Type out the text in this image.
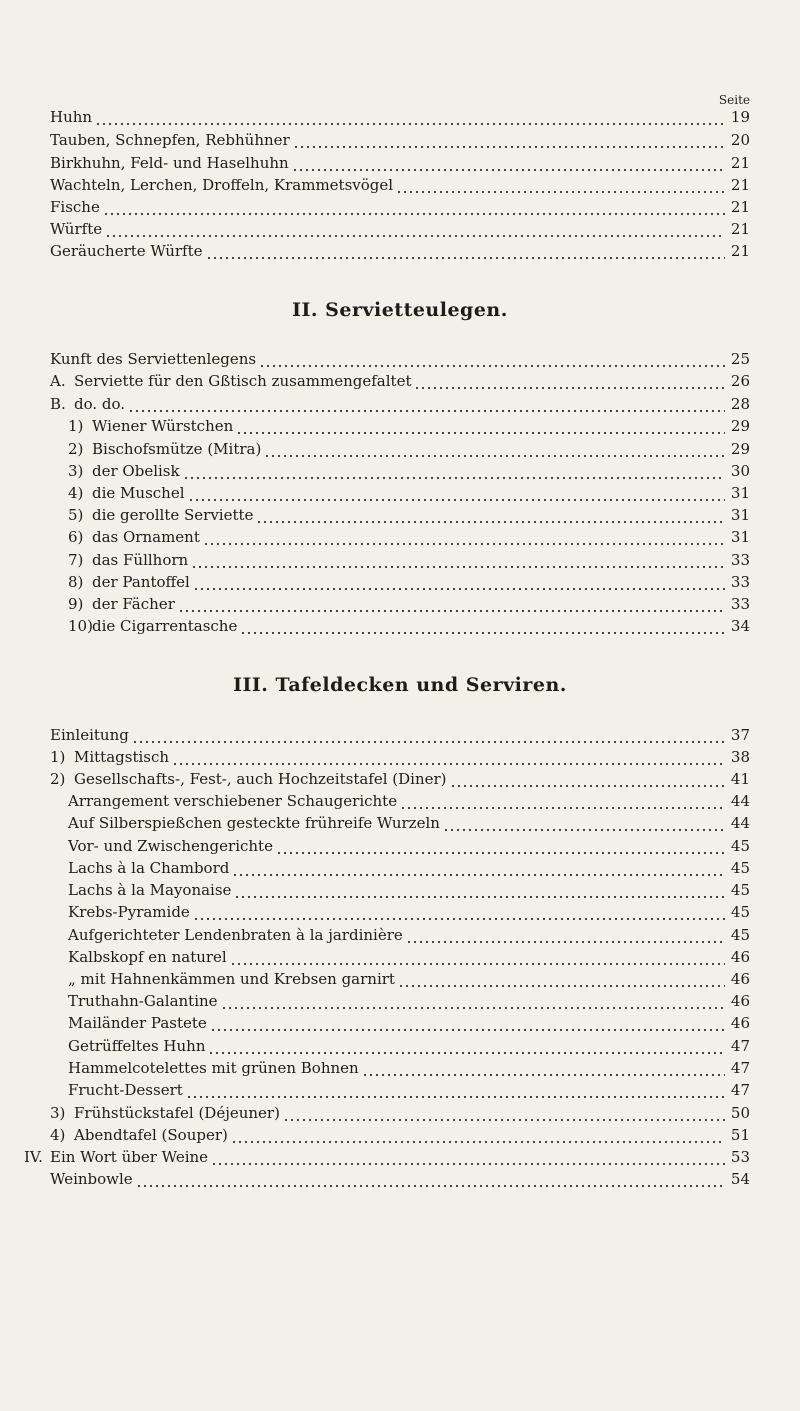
Seite
Huhn	19
Tauben, Schnepfen, Rebhühner	20
Birkhuhn, Feld- und Haselhuhn	21
Wachteln, Lerchen, Droffeln, Krammetsvögel	21
Fische	21
Würfte	21
Geräucherte Würfte	21
Kunft des Serviettenlegens	25
A. Serviette für den Gßtisch zusammengefaltet	26
B. do. do.	28
1) Wiener Würstchen	29
2) Bischofsmütze (Mitra)	29
3) der Obelisk	30
4) die Muschel	31
5) die gerollte Serviette	31
6) das Ornament	31
7) das Füllhorn	33
8) der Pantoffel	33
9) der Fächer	33
10)die Cigarrentasche	34
Einleitung	37
1) Mittagstisch	38
2) Gesellschafts-, Fest-, auch Hochzeitstafel (Diner)	41
Arrangement verschiebener Schaugerichte	44
Auf Silberspießchen gesteckte frühreife Wurzeln	44
Vor- und Zwischengerichte	45
Lachs à la Chambord	45
Lachs à la Mayonaise	45
Krebs-Pyramide	45
Aufgerichteter Lendenbraten à la jardinière	45
Kalbskopf en naturel	46
„ mit Hahnenkämmen und Krebsen garnirt	46
Truthahn-Galantine	46
Mailänder Pastete	46
Getrüffeltes Huhn	47
Hammelcotelettes mit grünen Bohnen	47
Frucht-Dessert	47
3) Frühstückstafel (Déjeuner)	50
4) Abendtafel (Souper)	51
IV. Ein Wort über Weine	53
Weinbowle	54
II. Servietteulegen.
III. Tafeldecken und Serviren.
